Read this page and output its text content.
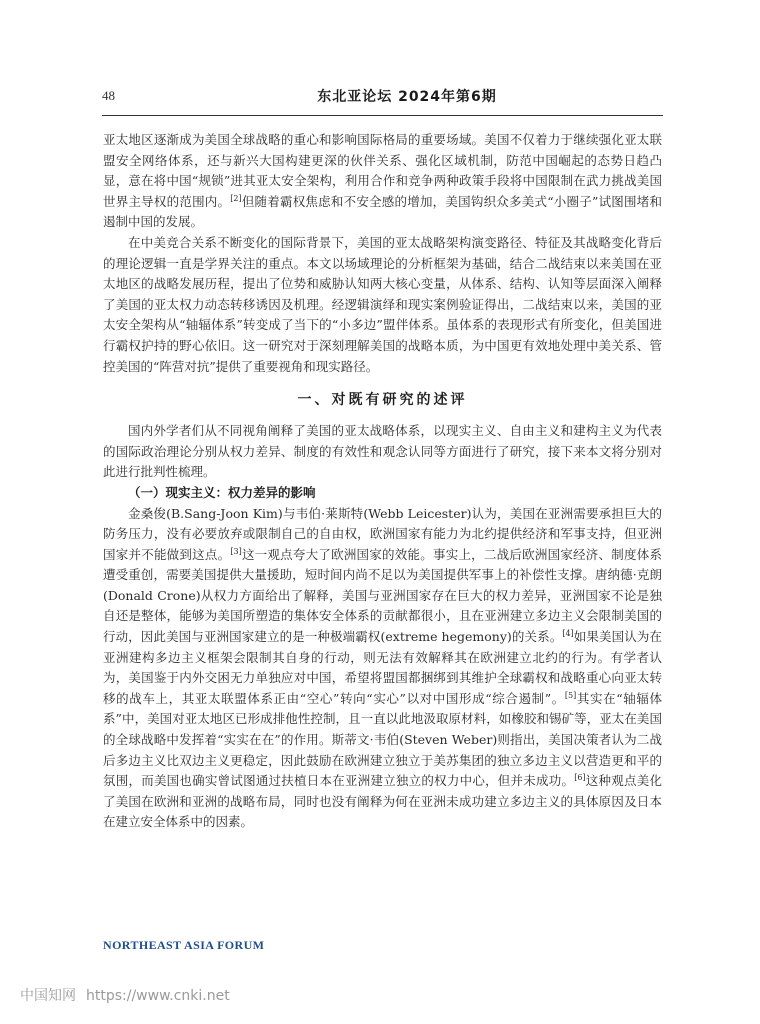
48	东北亚论坛 2024年第6期

亚太地区逐渐成为美国全球战略的重心和影响国际格局的重要场域。美国不仅着力于继续强化亚太联盟安全网络体系，还与新兴大国构建更深的伙伴关系、强化区域机制，防范中国崛起的态势日趋凸显，意在将中国“规锁”进其亚太安全架构，利用合作和竞争两种政策手段将中国限制在武力挑战美国世界主导权的范围内。[2]但随着霸权焦虑和不安全感的增加，美国钩织众多美式“小圈子”试图围堵和遏制中国的发展。

在中美竞合关系不断变化的国际背景下，美国的亚太战略架构演变路径、特征及其战略变化背后的理论逻辑一直是学界关注的重点。本文以场域理论的分析框架为基础，结合二战结束以来美国在亚太地区的战略发展历程，提出了位势和威胁认知两大核心变量，从体系、结构、认知等层面深入阐释了美国的亚太权力动态转移诱因及机理。经逻辑演绎和现实案例验证得出，二战结束以来，美国的亚太安全架构从“轴辐体系”转变成了当下的“小多边”盟伴体系。虽体系的表现形式有所变化，但美国进行霸权护持的野心依旧。这一研究对于深刻理解美国的战略本质，为中国更有效地处理中美关系、管控美国的“阵营对抗”提供了重要视角和现实路径。

一、对既有研究的述评

国内外学者们从不同视角阐释了美国的亚太战略体系，以现实主义、自由主义和建构主义为代表的国际政治理论分别从权力差异、制度的有效性和观念认同等方面进行了研究，接下来本文将分别对此进行批判性梳理。

（一）现实主义：权力差异的影响

金桑俊(B.Sang-Joon Kim)与韦伯·莱斯特(Webb Leicester)认为，美国在亚洲需要承担巨大的防务压力，没有必要放弃或限制自己的自由权，欧洲国家有能力为北约提供经济和军事支持，但亚洲国家并不能做到这点。[3]这一观点夸大了欧洲国家的效能。事实上，二战后欧洲国家经济、制度体系遭受重创，需要美国提供大量援助，短时间内尚不足以为美国提供军事上的补偿性支撑。唐纳德·克朗(Donald Crone)从权力方面给出了解释，美国与亚洲国家存在巨大的权力差异，亚洲国家不论是独自还是整体，能够为美国所塑造的集体安全体系的贡献都很小，且在亚洲建立多边主义会限制美国的行动，因此美国与亚洲国家建立的是一种极端霸权(extreme hegemony)的关系。[4]如果美国认为在亚洲建构多边主义框架会限制其自身的行动，则无法有效解释其在欧洲建立北约的行为。有学者认为，美国鉴于内外交困无力单独应对中国，希望将盟国都捆绑到其维护全球霸权和战略重心向亚太转移的战车上，其亚太联盟体系正由“空心”转向“实心”以对中国形成“综合遏制”。[5]其实在“轴辐体系”中，美国对亚太地区已形成排他性控制，且一直以此地汲取原材料，如橡胶和锡矿等，亚太在美国的全球战略中发挥着“实实在在”的作用。斯蒂文·韦伯(Steven Weber)则指出，美国决策者认为二战后多边主义比双边主义更稳定，因此鼓励在欧洲建立独立于美苏集团的独立多边主义以营造更和平的氛围，而美国也确实曾试图通过扶植日本在亚洲建立独立的权力中心，但并未成功。[6]这种观点美化了美国在欧洲和亚洲的战略布局，同时也没有阐释为何在亚洲未成功建立多边主义的具体原因及日本在建立安全体系中的因素。

NORTHEAST ASIA FORUM
中国知网 https://www.cnki.net
